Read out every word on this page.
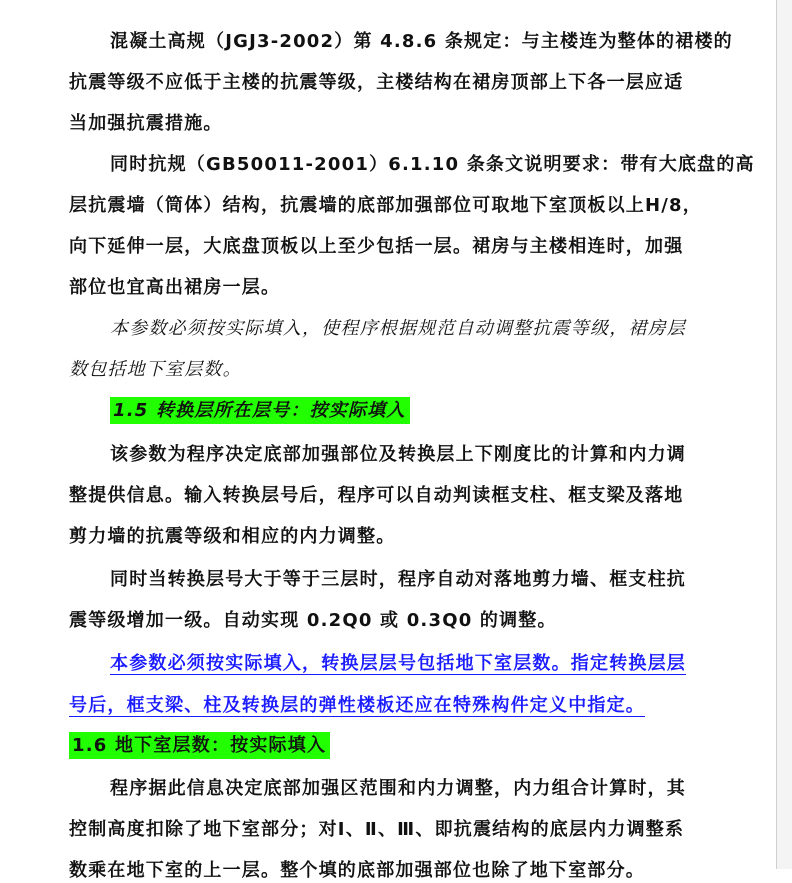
混凝土高规（JGJ3-2002）第 4.8.6 条规定：与主楼连为整体的裙楼的
抗震等级不应低于主楼的抗震等级，主楼结构在裙房顶部上下各一层应适
当加强抗震措施。
同时抗规（GB50011-2001）6.1.10 条条文说明要求：带有大底盘的高
层抗震墙（筒体）结构，抗震墙的底部加强部位可取地下室顶板以上H/8，
向下延伸一层，大底盘顶板以上至少包括一层。裙房与主楼相连时，加强
部位也宜高出裙房一层。
本参数必须按实际填入，使程序根据规范自动调整抗震等级，裙房层
数包括地下室层数。
1.5 转换层所在层号：按实际填入
该参数为程序决定底部加强部位及转换层上下刚度比的计算和内力调
整提供信息。输入转换层号后，程序可以自动判读框支柱、框支梁及落地
剪力墙的抗震等级和相应的内力调整。
同时当转换层号大于等于三层时，程序自动对落地剪力墙、框支柱抗
震等级增加一级。自动实现 0.2Q0 或 0.3Q0 的调整。
本参数必须按实际填入，转换层层号包括地下室层数。指定转换层层
号后，框支梁、柱及转换层的弹性楼板还应在特殊构件定义中指定。
1.6 地下室层数：按实际填入
程序据此信息决定底部加强区范围和内力调整，内力组合计算时，其
控制高度扣除了地下室部分；对Ⅰ、Ⅱ、Ⅲ、即抗震结构的底层内力调整系
数乘在地下室的上一层。整个填的底部加强部位也除了地下室部分。
